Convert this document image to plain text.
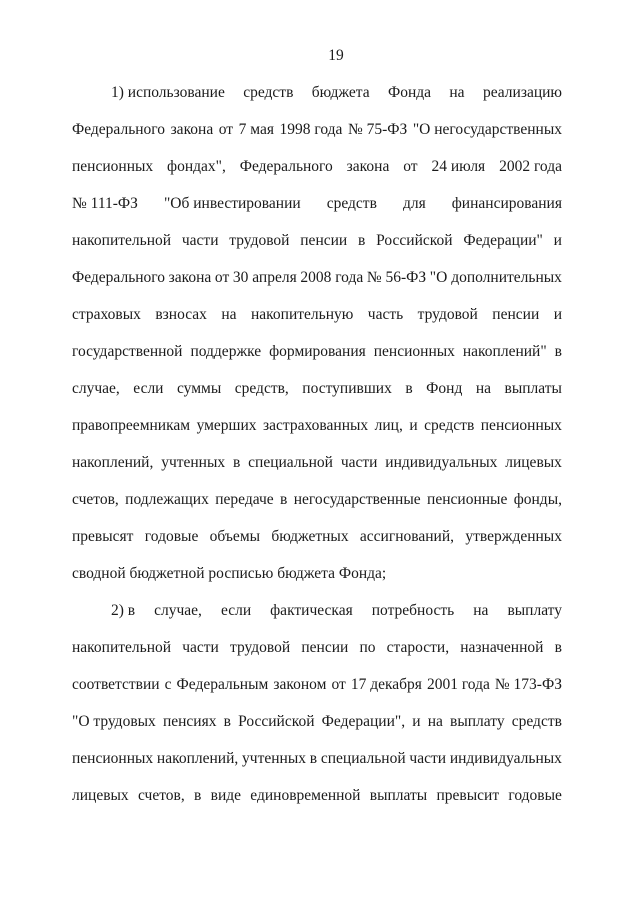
19
1) использование средств бюджета Фонда на реализацию
Федерального закона от 7 мая 1998 года № 75-ФЗ "О негосударственных
пенсионных фондах", Федерального закона от 24 июля 2002 года
№ 111-ФЗ "Об инвестировании средств для финансирования
накопительной части трудовой пенсии в Российской Федерации" и
Федерального закона от 30 апреля 2008 года № 56-ФЗ "О дополнительных
страховых взносах на накопительную часть трудовой пенсии и
государственной поддержке формирования пенсионных накоплений" в
случае, если суммы средств, поступивших в Фонд на выплаты
правопреемникам умерших застрахованных лиц, и средств пенсионных
накоплений, учтенных в специальной части индивидуальных лицевых
счетов, подлежащих передаче в негосударственные пенсионные фонды,
превысят годовые объемы бюджетных ассигнований, утвержденных
сводной бюджетной росписью бюджета Фонда;
2) в случае, если фактическая потребность на выплату
накопительной части трудовой пенсии по старости, назначенной в
соответствии с Федеральным законом от 17 декабря 2001 года № 173-ФЗ
"О трудовых пенсиях в Российской Федерации", и на выплату средств
пенсионных накоплений, учтенных в специальной части индивидуальных
лицевых счетов, в виде единовременной выплаты превысит годовые
